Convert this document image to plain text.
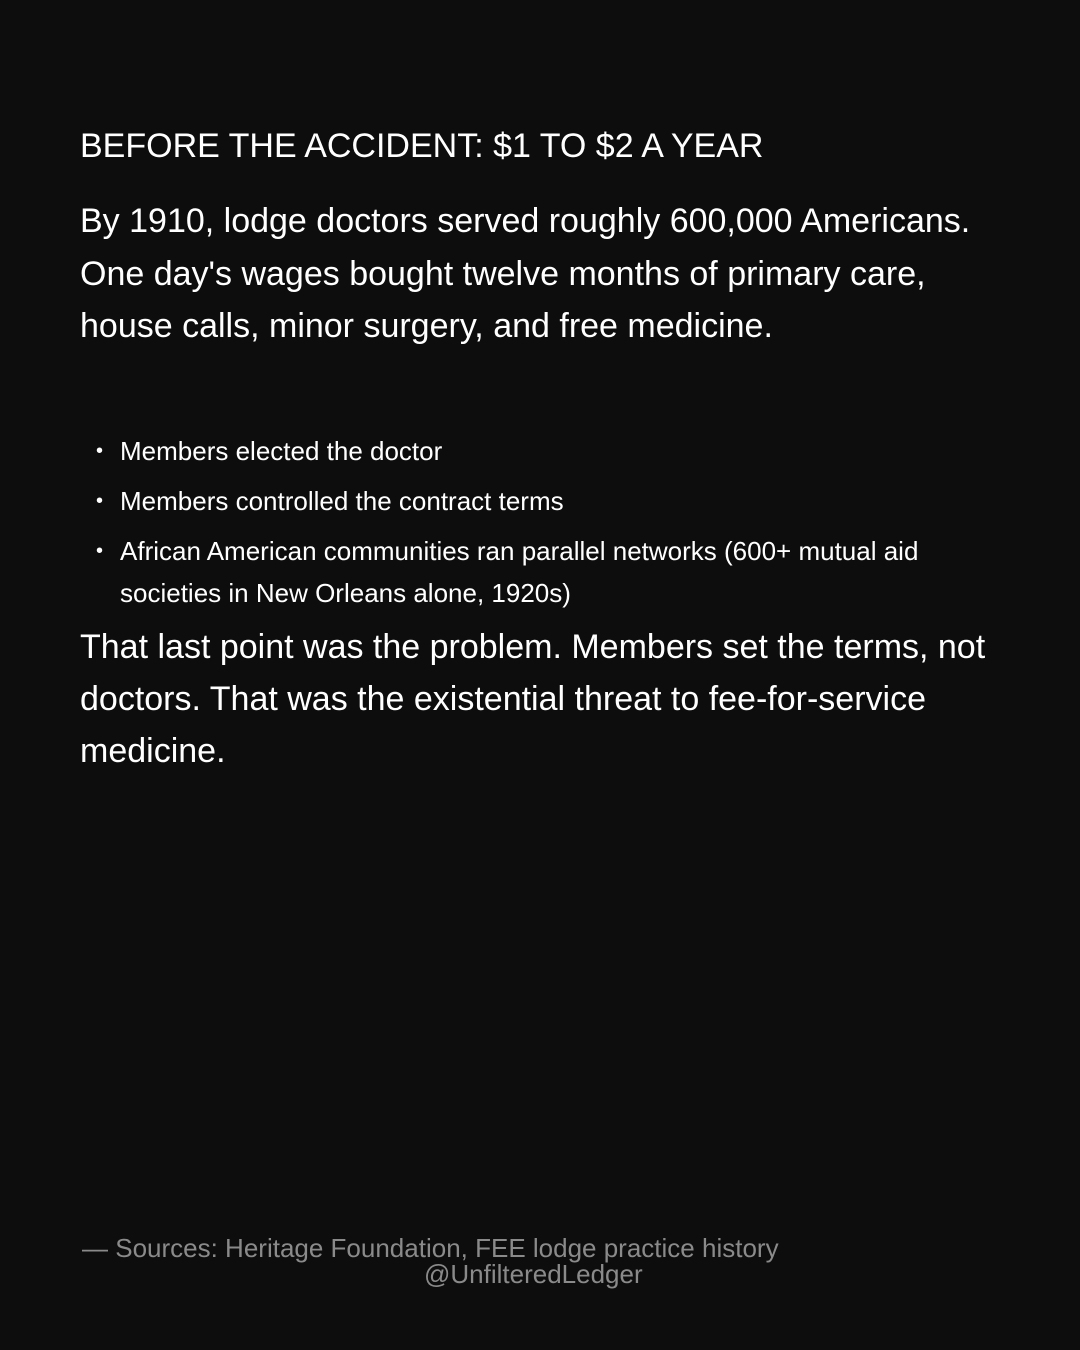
BEFORE THE ACCIDENT: $1 TO $2 A YEAR

By 1910, lodge doctors served roughly 600,000 Americans. One day's wages bought twelve months of primary care, house calls, minor surgery, and free medicine.

• Members elected the doctor
• Members controlled the contract terms
• African American communities ran parallel networks (600+ mutual aid societies in New Orleans alone, 1920s)

That last point was the problem. Members set the terms, not doctors. That was the existential threat to fee-for-service medicine.

— Sources: Heritage Foundation, FEE lodge practice history

@UnfilteredLedger
